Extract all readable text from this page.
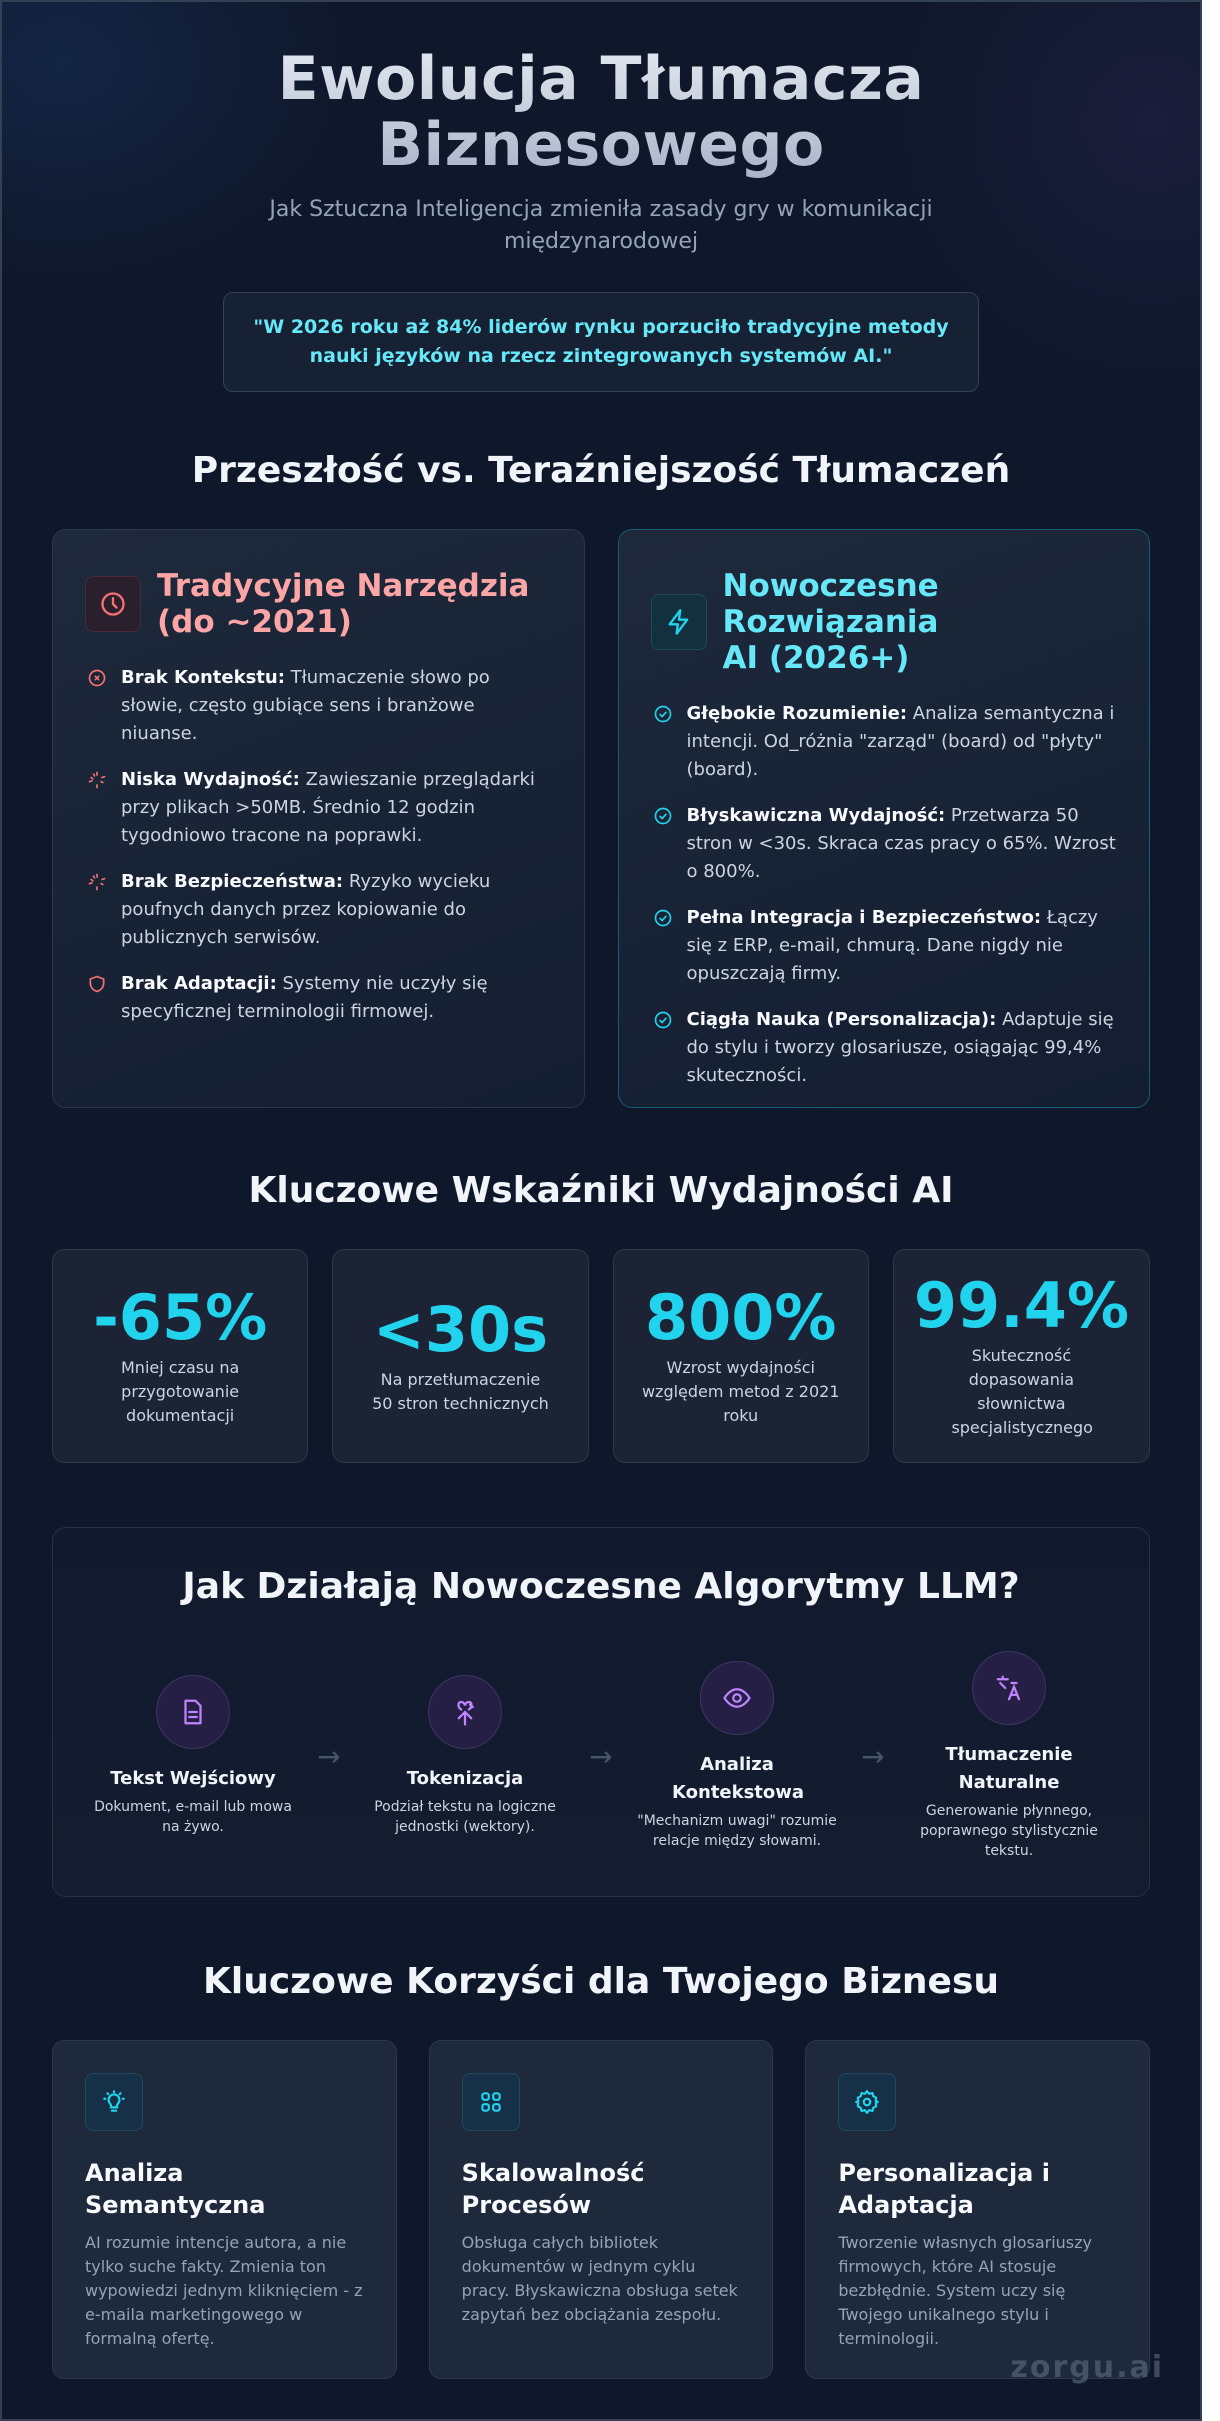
Ewolucja Tłumacza Biznesowego

Jak Sztuczna Inteligencja zmieniła zasady gry w komunikacji międzynarodowej

"W 2026 roku aż 84% liderów rynku porzuciło tradycyjne metody nauki języków na rzecz zintegrowanych systemów AI."
Przeszłość vs. Teraźniejszość Tłumaczeń
Tradycyjne Narzędzia (do ~2021)
Brak Kontekstu: Tłumaczenie słowo po słowie, często gubiące sens i branżowe niuanse.
Niska Wydajność: Zawieszanie przeglądarki przy plikach >50MB. Średnio 12 godzin tygodniowo tracone na poprawki.
Brak Bezpieczeństwa: Ryzyko wycieku poufnych danych przez kopiowanie do publicznych serwisów.
Brak Adaptacji: Systemy nie uczyły się specyficznej terminologii firmowej.
Nowoczesne Rozwiązania AI (2026+)
Głębokie Rozumienie: Analiza semantyczna i intencji. Od_różnia "zarząd" (board) od "płyty" (board).
Błyskawiczna Wydajność: Przetwarza 50 stron w <30s. Skraca czas pracy o 65%. Wzrost o 800%.
Pełna Integracja i Bezpieczeństwo: Łączy się z ERP, e-mail, chmurą. Dane nigdy nie opuszczają firmy.
Ciągła Nauka (Personalizacja): Adaptuje się do stylu i tworzy glosariusze, osiągając 99,4% skuteczności.
Kluczowe Wskaźniki Wydajności AI
-65%
Mniej czasu na przygotowanie dokumentacji
<30s
Na przetłumaczenie 50 stron technicznych
800%
Wzrost wydajności względem metod z 2021 roku
99.4%
Skuteczność dopasowania słownictwa specjalistycznego
Jak Działają Nowoczesne Algorytmy LLM?
Tekst Wejściowy
Dokument, e-mail lub mowa na żywo.
→
Tokenizacja
Podział tekstu na logiczne jednostki (wektory).
→	Analiza Kontekstowa
"Mechanizm uwagi" rozumie relacje między słowami.
→	Tłumaczenie Naturalne
Generowanie płynnego, poprawnego stylistycznie tekstu.
Kluczowe Korzyści dla Twojego Biznesu
Analiza Semantyczna
AI rozumie intencje autora, a nie tylko suche fakty. Zmienia ton wypowiedzi jednym kliknięciem - z e-maila marketingowego w formalną ofertę.
Skalowalność Procesów
Obsługa całych bibliotek dokumentów w jednym cyklu pracy. Błyskawiczna obsługa setek zapytań bez obciążania zespołu.
Personalizacja i Adaptacja
Tworzenie własnych glosariuszy firmowych, które AI stosuje bezbłędnie. System uczy się Twojego unikalnego stylu i terminologii.
zorgu.ai
